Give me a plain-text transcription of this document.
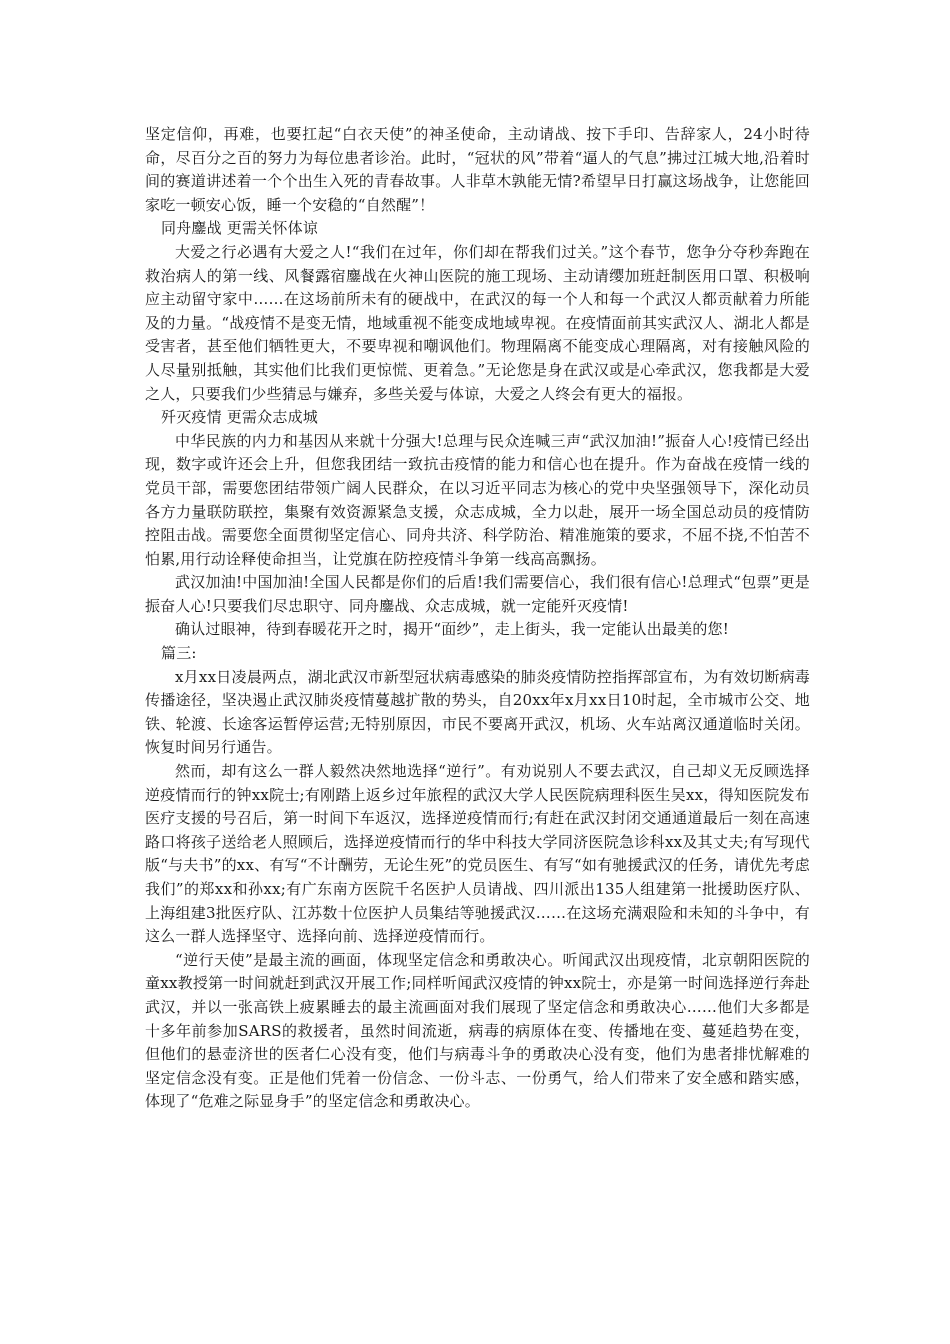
坚定信仰，再难，也要扛起“白衣天使”的神圣使命，主动请战、按下手印、告辞家人，24小时待命，尽百分之百的努力为每位患者诊治。此时，“冠状的风”带着“逼人的气息”拂过江城大地,沿着时间的赛道讲述着一个个出生入死的青春故事。人非草木孰能无情?希望早日打赢这场战争，让您能回家吃一顿安心饭，睡一个安稳的“自然醒”！

同舟鏖战 更需关怀体谅

大爱之行必遇有大爱之人!“我们在过年，你们却在帮我们过关。”这个春节，您争分夺秒奔跑在救治病人的第一线、风餐露宿鏖战在火神山医院的施工现场、主动请缨加班赶制医用口罩、积极响应主动留守家中……在这场前所未有的硬战中，在武汉的每一个人和每一个武汉人都贡献着力所能及的力量。“战疫情不是变无情，地域重视不能变成地域卑视。在疫情面前其实武汉人、湖北人都是受害者，甚至他们牺牲更大，不要卑视和嘲讽他们。物理隔离不能变成心理隔离，对有接触风险的人尽量别抵触，其实他们比我们更惊慌、更着急。”无论您是身在武汉或是心牵武汉，您我都是大爱之人，只要我们少些猜忌与嫌弃，多些关爱与体谅，大爱之人终会有更大的福报。

歼灭疫情 更需众志成城

中华民族的内力和基因从来就十分强大!总理与民众连喊三声“武汉加油!”振奋人心!疫情已经出现，数字或许还会上升，但您我团结一致抗击疫情的能力和信心也在提升。作为奋战在疫情一线的党员干部，需要您团结带领广阔人民群众，在以习近平同志为核心的党中央坚强领导下，深化动员各方力量联防联控，集聚有效资源紧急支援，众志成城，全力以赴，展开一场全国总动员的疫情防控阻击战。需要您全面贯彻坚定信心、同舟共济、科学防治、精准施策的要求，不屈不挠,不怕苦不怕累,用行动诠释使命担当，让党旗在防控疫情斗争第一线高高飘扬。

武汉加油!中国加油!全国人民都是你们的后盾!我们需要信心，我们很有信心!总理式“包票”更是振奋人心!只要我们尽忠职守、同舟鏖战、众志成城，就一定能歼灭疫情!

确认过眼神，待到春暖花开之时，揭开“面纱”，走上街头，我一定能认出最美的您!

篇三:

x月xx日凌晨两点，湖北武汉市新型冠状病毒感染的肺炎疫情防控指挥部宣布，为有效切断病毒传播途径，坚决遏止武汉肺炎疫情蔓越扩散的势头，自20xx年x月xx日10时起，全市城市公交、地铁、轮渡、长途客运暂停运营;无特别原因，市民不要离开武汉，机场、火车站离汉通道临时关闭。恢复时间另行通告。

然而，却有这么一群人毅然决然地选择“逆行”。有劝说别人不要去武汉，自己却义无反顾选择逆疫情而行的钟xx院士;有刚踏上返乡过年旅程的武汉大学人民医院病理科医生吴xx，得知医院发布医疗支援的号召后，第一时间下车返汉，选择逆疫情而行;有赶在武汉封闭交通通道最后一刻在高速路口将孩子送给老人照顾后，选择逆疫情而行的华中科技大学同济医院急诊科xx及其丈夫;有写现代版“与夫书”的xx、有写“不计酬劳，无论生死”的党员医生、有写“如有驰援武汉的任务，请优先考虑我们”的郑xx和孙xx;有广东南方医院千名医护人员请战、四川派出135人组建第一批援助医疗队、上海组建3批医疗队、江苏数十位医护人员集结等驰援武汉……在这场充满艰险和未知的斗争中，有这么一群人选择坚守、选择向前、选择逆疫情而行。

“逆行天使”是最主流的画面，体现坚定信念和勇敢决心。听闻武汉出现疫情，北京朝阳医院的童xx教授第一时间就赶到武汉开展工作;同样听闻武汉疫情的钟xx院士，亦是第一时间选择逆行奔赴武汉，并以一张高铁上疲累睡去的最主流画面对我们展现了坚定信念和勇敢决心……他们大多都是十多年前参加SARS的救援者，虽然时间流逝，病毒的病原体在变、传播地在变、蔓延趋势在变，但他们的悬壶济世的医者仁心没有变，他们与病毒斗争的勇敢决心没有变，他们为患者排忧解难的坚定信念没有变。正是他们凭着一份信念、一份斗志、一份勇气，给人们带来了安全感和踏实感，体现了“危难之际显身手”的坚定信念和勇敢决心。
